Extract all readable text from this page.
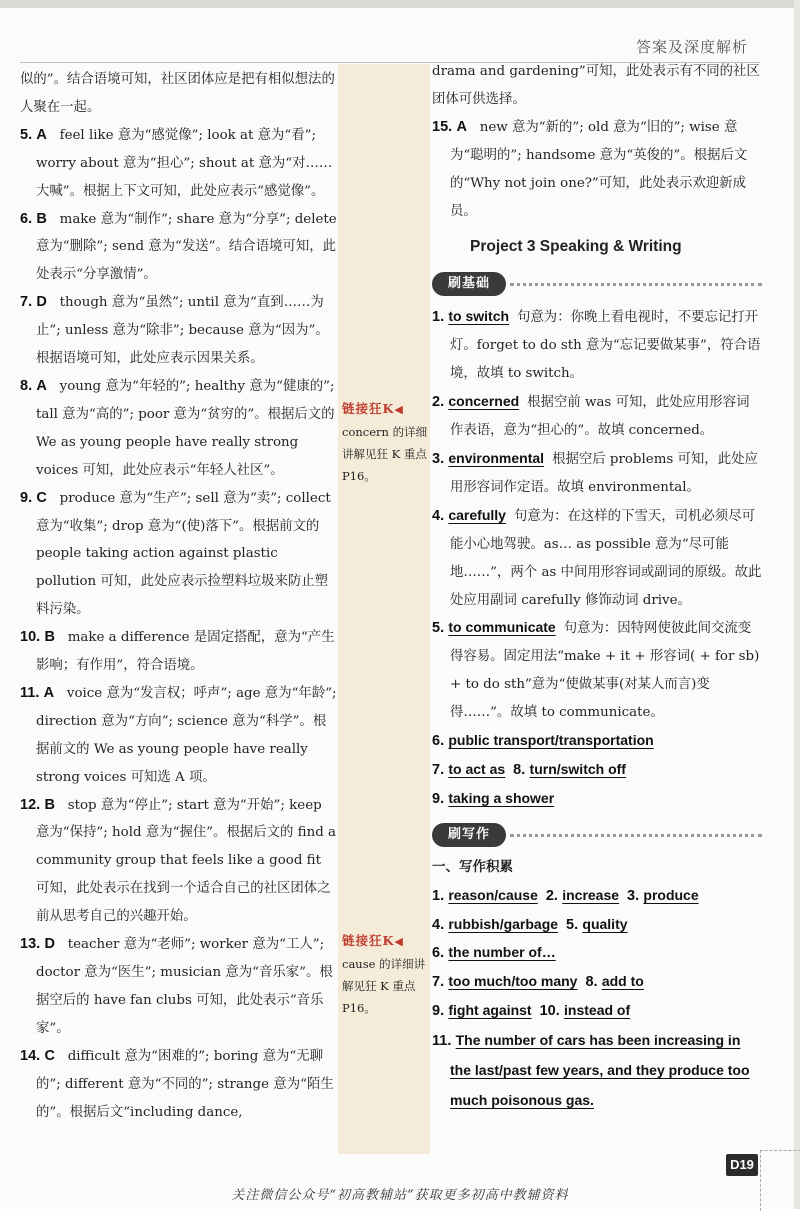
答案及深度解析

似的”。结合语境可知，社区团体应是把有相似想法的人聚在一起。

5. A feel like 意为“感觉像”; look at 意为“看”; worry about 意为“担心”; shout at 意为“对……大喊”。根据上下文可知，此处应表示“感觉像”。

6. B make 意为“制作”; share 意为“分享”; delete 意为“删除”; send 意为“发送”。结合语境可知，此处表示“分享激情”。

7. D though 意为“虽然”; until 意为“直到……为止”; unless 意为“除非”; because 意为“因为”。根据语境可知，此处应表示因果关系。

8. A young 意为“年轻的”; healthy 意为“健康的”; tall 意为“高的”; poor 意为“贫穷的”。根据后文的 We as young people have really strong voices 可知，此处应表示“年轻人社区”。

9. C produce 意为“生产”; sell 意为“卖”; collect 意为“收集”; drop 意为“(使)落下”。根据前文的 people taking action against plastic pollution 可知，此处应表示捡塑料垃圾来防止塑料污染。

10. B make a difference 是固定搭配，意为“产生影响；有作用”，符合语境。

11. A voice 意为“发言权；呼声”; age 意为“年龄”; direction 意为“方向”; science 意为“科学”。根据前文的 We as young people have really strong voices 可知选 A 项。

12. B stop 意为“停止”; start 意为“开始”; keep 意为“保持”; hold 意为“握住”。根据后文的 find a community group that feels like a good fit 可知，此处表示在找到一个适合自己的社区团体之前从思考自己的兴趣开始。

13. D teacher 意为“老师”; worker 意为“工人”; doctor 意为“医生”; musician 意为“音乐家”。根据空后的 have fan clubs 可知，此处表示“音乐家”。

14. C difficult 意为“困难的”; boring 意为“无聊的”; different 意为“不同的”; strange 意为“陌生的”。根据后文“including dance,

链接狂K◀
concern 的详细讲解见狂 K 重点 P16。
链接狂K◀
cause 的详细讲解见狂 K 重点 P16。

drama and gardening”可知，此处表示有不同的社区团体可供选择。

15. A new 意为“新的”; old 意为“旧的”; wise 意为“聪明的”; handsome 意为“英俊的”。根据后文的“Why not join one?”可知，此处表示欢迎新成员。

Project 3 Speaking & Writing
刷基础

1. to switch 句意为：你晚上看电视时，不要忘记打开灯。forget to do sth 意为“忘记要做某事”，符合语境，故填 to switch。

2. concerned 根据空前 was 可知，此处应用形容词作表语，意为“担心的”。故填 concerned。

3. environmental 根据空后 problems 可知，此处应用形容词作定语。故填 environmental。

4. carefully 句意为：在这样的下雪天，司机必须尽可能小心地驾驶。as… as possible 意为“尽可能地……”，两个 as 中间用形容词或副词的原级。故此处应用副词 carefully 修饰动词 drive。

5. to communicate 句意为：因特网使彼此间交流变得容易。固定用法“make + it + 形容词( + for sb) + to do sth”意为“使做某事(对某人而言)变得……”。故填 to communicate。

6. public transport/transportation

7. to act as 8. turn/switch off

9. taking a shower

刷写作

一、写作积累

1. reason/cause 2. increase 3. produce

4. rubbish/garbage 5. quality

6. the number of…

7. too much/too many 8. add to

9. fight against 10. instead of

11. The number of cars has been increasing in the last/past few years, and they produce too much poisonous gas.

D19
关注微信公众号“初高教辅站”获取更多初高中教辅资料
